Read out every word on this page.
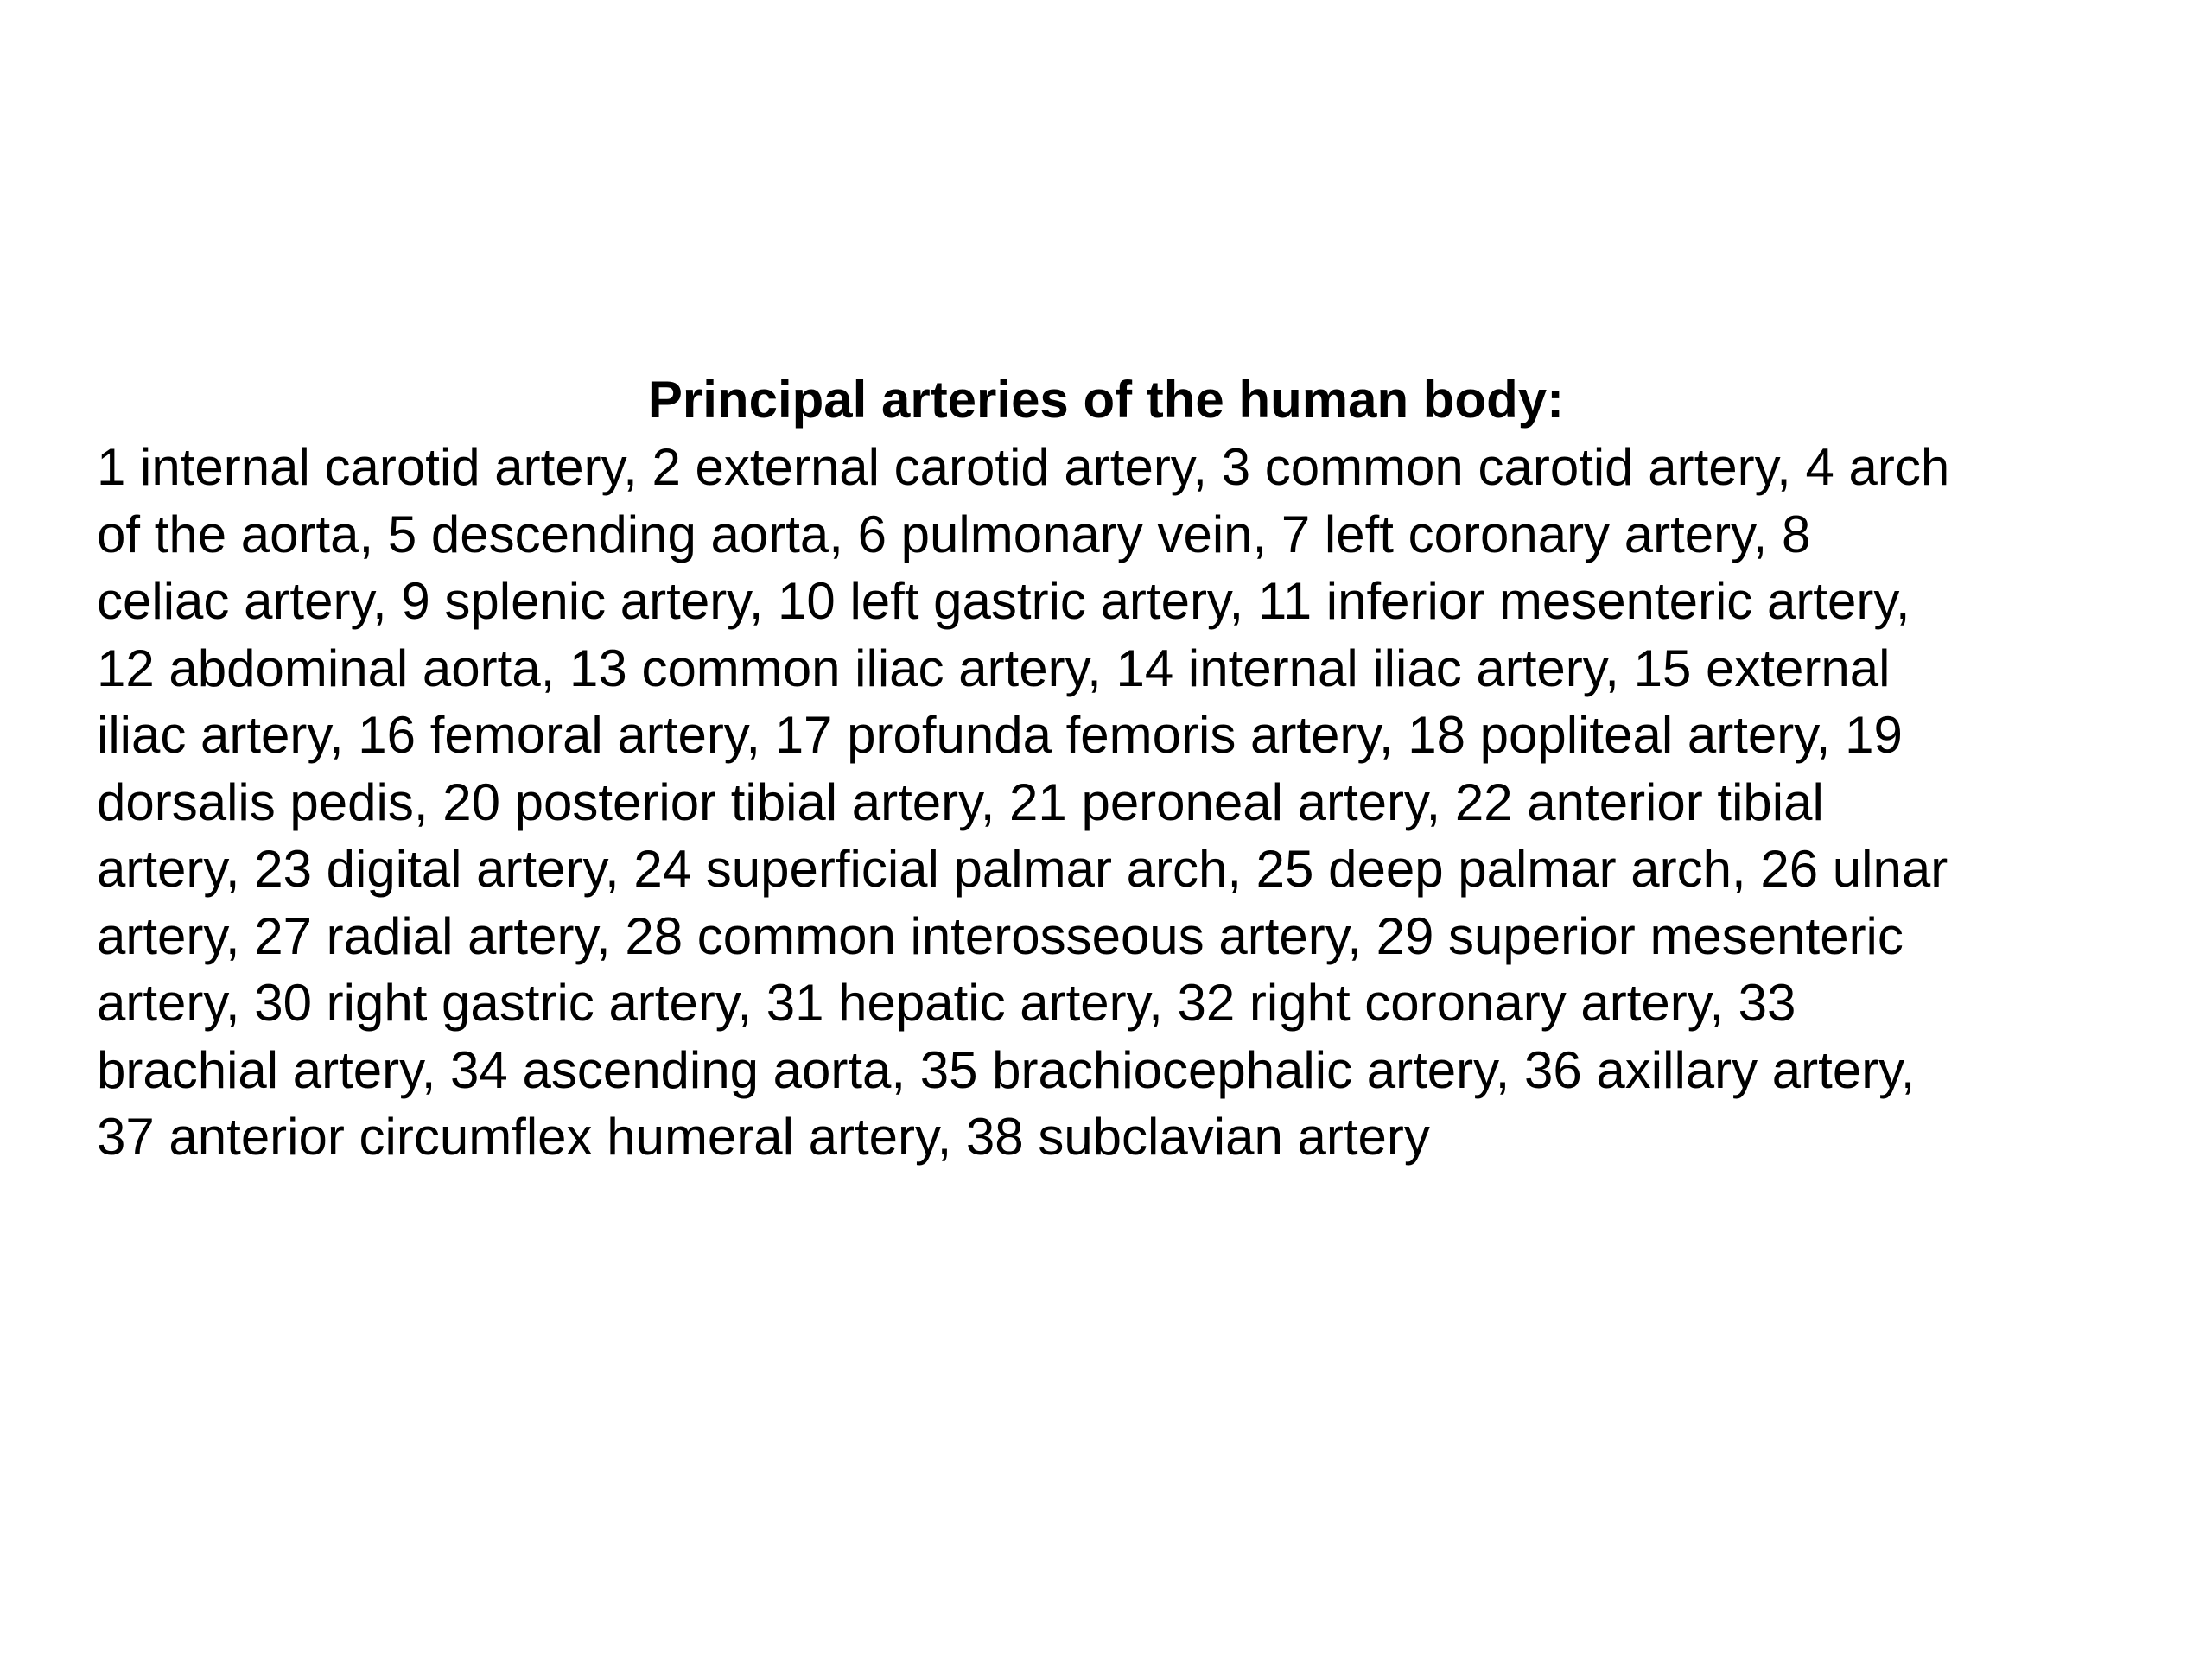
Principal arteries of the human body:
1 internal carotid artery, 2 external carotid artery, 3 common carotid artery, 4 arch
of the aorta, 5 descending aorta, 6 pulmonary vein, 7 left coronary artery, 8
celiac artery, 9 splenic artery, 10 left gastric artery, 11 inferior mesenteric artery,
12 abdominal aorta, 13 common iliac artery, 14 internal iliac artery, 15 external
iliac artery, 16 femoral artery, 17 profunda femoris artery, 18 popliteal artery, 19
dorsalis pedis, 20 posterior tibial artery, 21 peroneal artery, 22 anterior tibial
artery, 23 digital artery, 24 superficial palmar arch, 25 deep palmar arch, 26 ulnar
artery, 27 radial artery, 28 common interosseous artery, 29 superior mesenteric
artery, 30 right gastric artery, 31 hepatic artery, 32 right coronary artery, 33
brachial artery, 34 ascending aorta, 35 brachiocephalic artery, 36 axillary artery,
37 anterior circumflex humeral artery, 38 subclavian artery
